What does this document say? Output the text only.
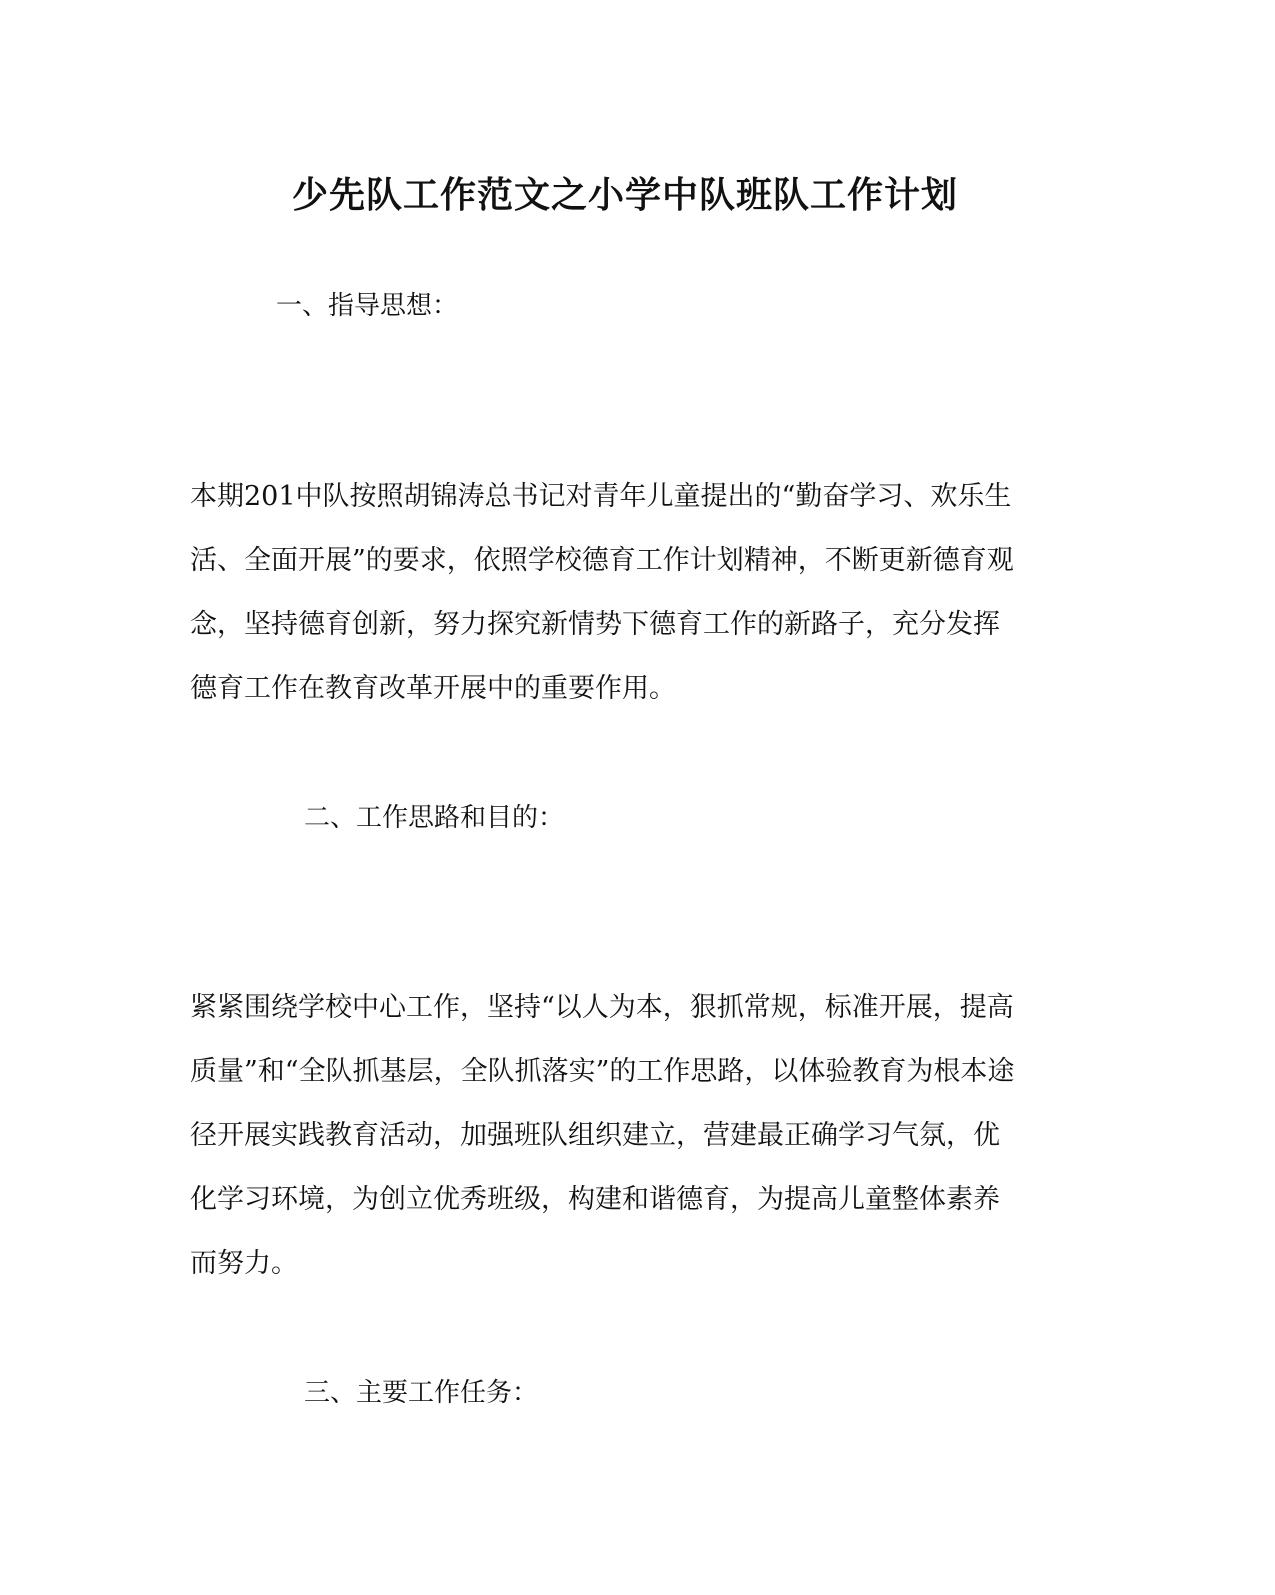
少先队工作范文之小学中队班队工作计划
一、指导思想：
本期201中队按照胡锦涛总书记对青年儿童提出的“勤奋学习、欢乐生
活、全面开展”的要求，依照学校德育工作计划精神，不断更新德育观
念，坚持德育创新，努力探究新情势下德育工作的新路子，充分发挥
德育工作在教育改革开展中的重要作用。
二、工作思路和目的：
紧紧围绕学校中心工作，坚持“以人为本，狠抓常规，标准开展，提高
质量”和“全队抓基层，全队抓落实”的工作思路，以体验教育为根本途
径开展实践教育活动，加强班队组织建立，营建最正确学习气氛，优
化学习环境，为创立优秀班级，构建和谐德育，为提高儿童整体素养
而努力。
三、主要工作任务：
